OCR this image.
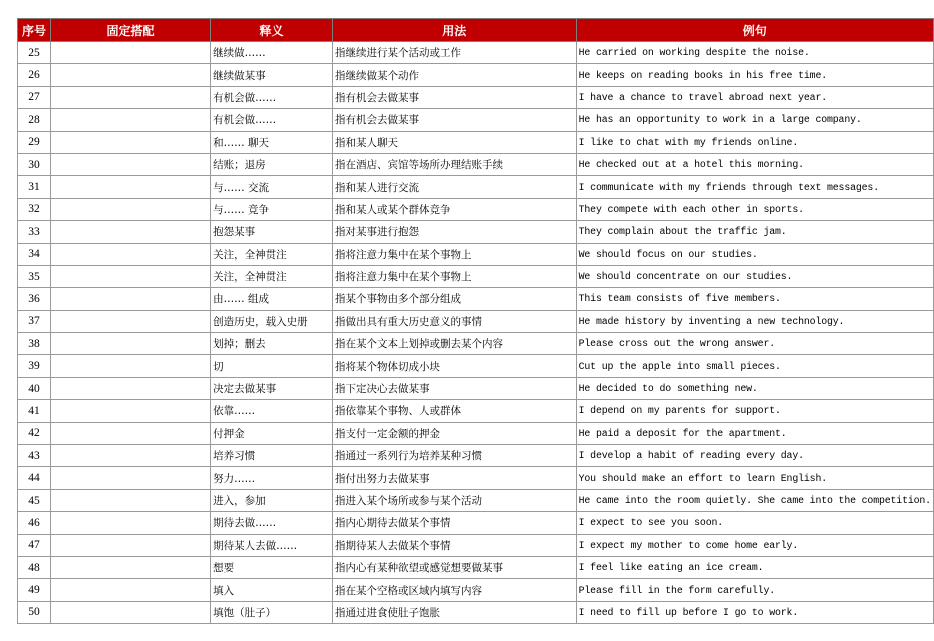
序号	固定搭配	释义	用法	例句
25		继续做……	指继续进行某个活动或工作	He carried on working despite the noise.
26		继续做某事	指继续做某个动作	He keeps on reading books in his free time.
27		有机会做……	指有机会去做某事	I have a chance to travel abroad next year.
28		有机会做……	指有机会去做某事	He has an opportunity to work in a large company.
29		和…… 聊天	指和某人聊天	I like to chat with my friends online.
30		结账；退房	指在酒店、宾馆等场所办理结账手续	He checked out at a hotel this morning.
31		与…… 交流	指和某人进行交流	I communicate with my friends through text messages.
32		与…… 竞争	指和某人或某个群体竞争	They compete with each other in sports.
33		抱怨某事	指对某事进行抱怨	They complain about the traffic jam.
34		关注，全神贯注	指将注意力集中在某个事物上	We should focus on our studies.
35		关注，全神贯注	指将注意力集中在某个事物上	We should concentrate on our studies.
36		由…… 组成	指某个事物由多个部分组成	This team consists of five members.
37		创造历史，载入史册	指做出具有重大历史意义的事情	He made history by inventing a new technology.
38		划掉；删去	指在某个文本上划掉或删去某个内容	Please cross out the wrong answer.
39		切	指将某个物体切成小块	Cut up the apple into small pieces.
40		决定去做某事	指下定决心去做某事	He decided to do something new.
41		依靠……	指依靠某个事物、人或群体	I depend on my parents for support.
42		付押金	指支付一定金额的押金	He paid a deposit for the apartment.
43		培养习惯	指通过一系列行为培养某种习惯	I develop a habit of reading every day.
44		努力……	指付出努力去做某事	You should make an effort to learn English.
45		进入，参加	指进入某个场所或参与某个活动	He came into the room quietly. She came into the competition.
46		期待去做……	指内心期待去做某个事情	I expect to see you soon.
47		期待某人去做……	指期待某人去做某个事情	I expect my mother to come home early.
48		想要	指内心有某种欲望或感觉想要做某事	I feel like eating an ice cream.
49		填入	指在某个空格或区域内填写内容	Please fill in the form carefully.
50		填饱（肚子）	指通过进食使肚子饱胀	I need to fill up before I go to work.
